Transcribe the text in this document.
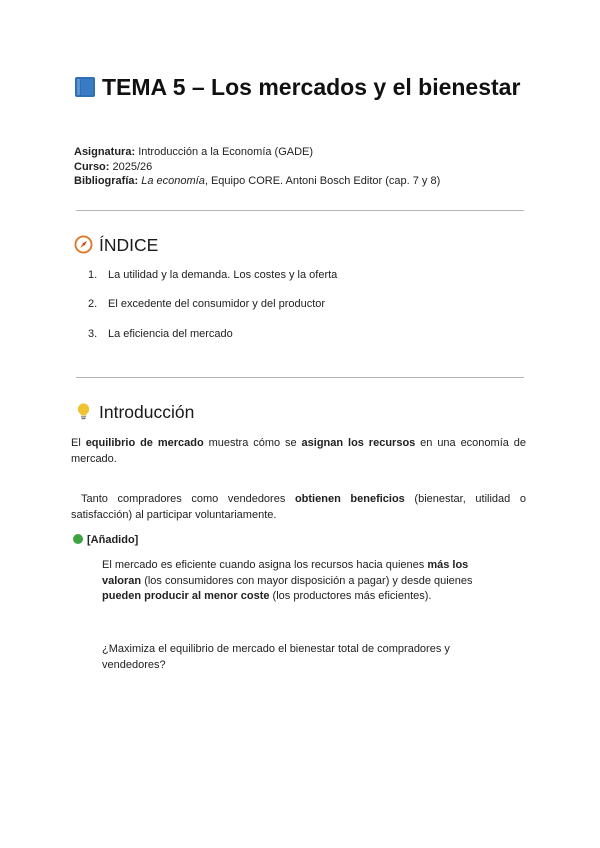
TEMA 5 – Los mercados y el bienestar
Asignatura: Introducción a la Economía (GADE)
Curso: 2025/26
Bibliografía: La economía, Equipo CORE. Antoni Bosch Editor (cap. 7 y 8)
ÍNDICE
1. La utilidad y la demanda. Los costes y la oferta
2. El excedente del consumidor y del productor
3. La eficiencia del mercado
Introducción
El equilibrio de mercado muestra cómo se asignan los recursos en una economía de mercado.
Tanto compradores como vendedores obtienen beneficios (bienestar, utilidad o satisfacción) al participar voluntariamente.
[Añadido]
El mercado es eficiente cuando asigna los recursos hacia quienes más los valoran (los consumidores con mayor disposición a pagar) y desde quienes pueden producir al menor coste (los productores más eficientes).
¿Maximiza el equilibrio de mercado el bienestar total de compradores y vendedores?
